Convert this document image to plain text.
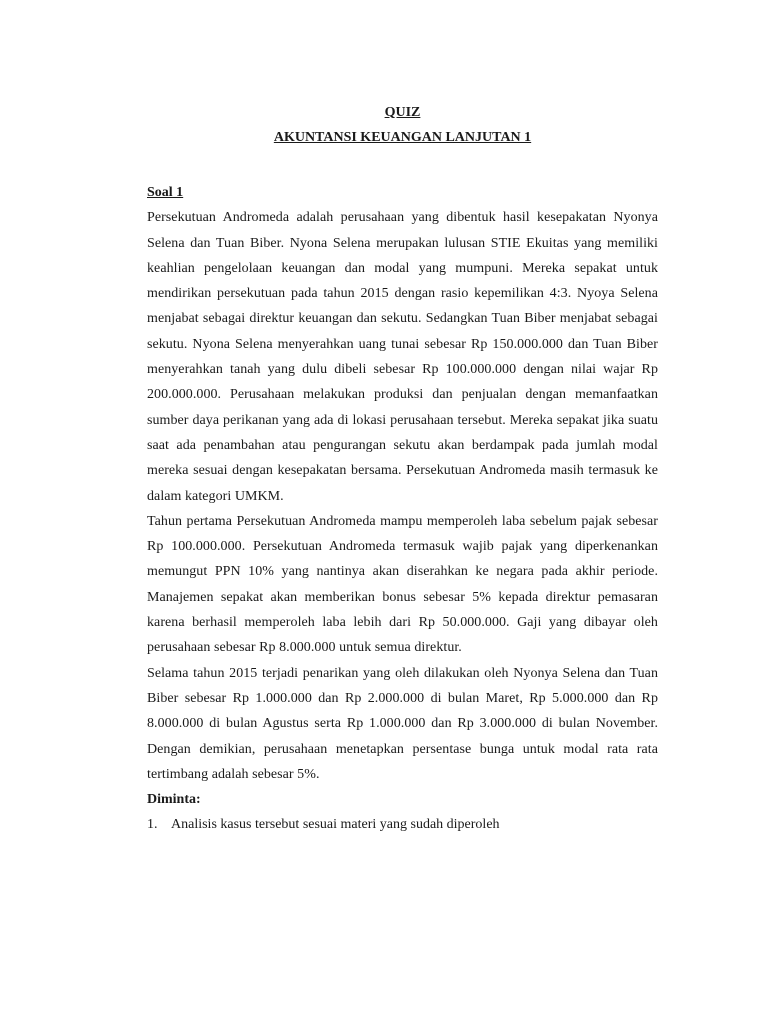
QUIZ

AKUNTANSI KEUANGAN LANJUTAN 1

Soal 1

Persekutuan Andromeda adalah perusahaan yang dibentuk hasil kesepakatan Nyonya Selena dan Tuan Biber. Nyona Selena merupakan lulusan STIE Ekuitas yang memiliki keahlian pengelolaan keuangan dan modal yang mumpuni. Mereka sepakat untuk mendirikan persekutuan pada tahun 2015 dengan rasio kepemilikan 4:3. Nyoya Selena menjabat sebagai direktur keuangan dan sekutu. Sedangkan Tuan Biber menjabat sebagai sekutu. Nyona Selena menyerahkan uang tunai sebesar Rp 150.000.000 dan Tuan Biber menyerahkan tanah yang dulu dibeli sebesar Rp 100.000.000 dengan nilai wajar Rp 200.000.000. Perusahaan melakukan produksi dan penjualan dengan memanfaatkan sumber daya perikanan yang ada di lokasi perusahaan tersebut. Mereka sepakat jika suatu saat ada penambahan atau pengurangan sekutu akan berdampak pada jumlah modal mereka sesuai dengan kesepakatan bersama. Persekutuan Andromeda masih termasuk ke dalam kategori UMKM.

Tahun pertama Persekutuan Andromeda mampu memperoleh laba sebelum pajak sebesar Rp 100.000.000. Persekutuan Andromeda termasuk wajib pajak yang diperkenankan memungut PPN 10% yang nantinya akan diserahkan ke negara pada akhir periode. Manajemen sepakat akan memberikan bonus sebesar 5% kepada direktur pemasaran karena berhasil memperoleh laba lebih dari Rp 50.000.000. Gaji yang dibayar oleh perusahaan sebesar Rp 8.000.000 untuk semua direktur.

Selama tahun 2015 terjadi penarikan yang oleh dilakukan oleh Nyonya Selena dan Tuan Biber sebesar Rp 1.000.000 dan Rp 2.000.000 di bulan Maret, Rp 5.000.000 dan Rp 8.000.000 di bulan Agustus serta Rp 1.000.000 dan Rp 3.000.000 di bulan November. Dengan demikian, perusahaan menetapkan persentase bunga untuk modal rata rata tertimbang adalah sebesar 5%.

Diminta:

1. Analisis kasus tersebut sesuai materi yang sudah diperoleh
